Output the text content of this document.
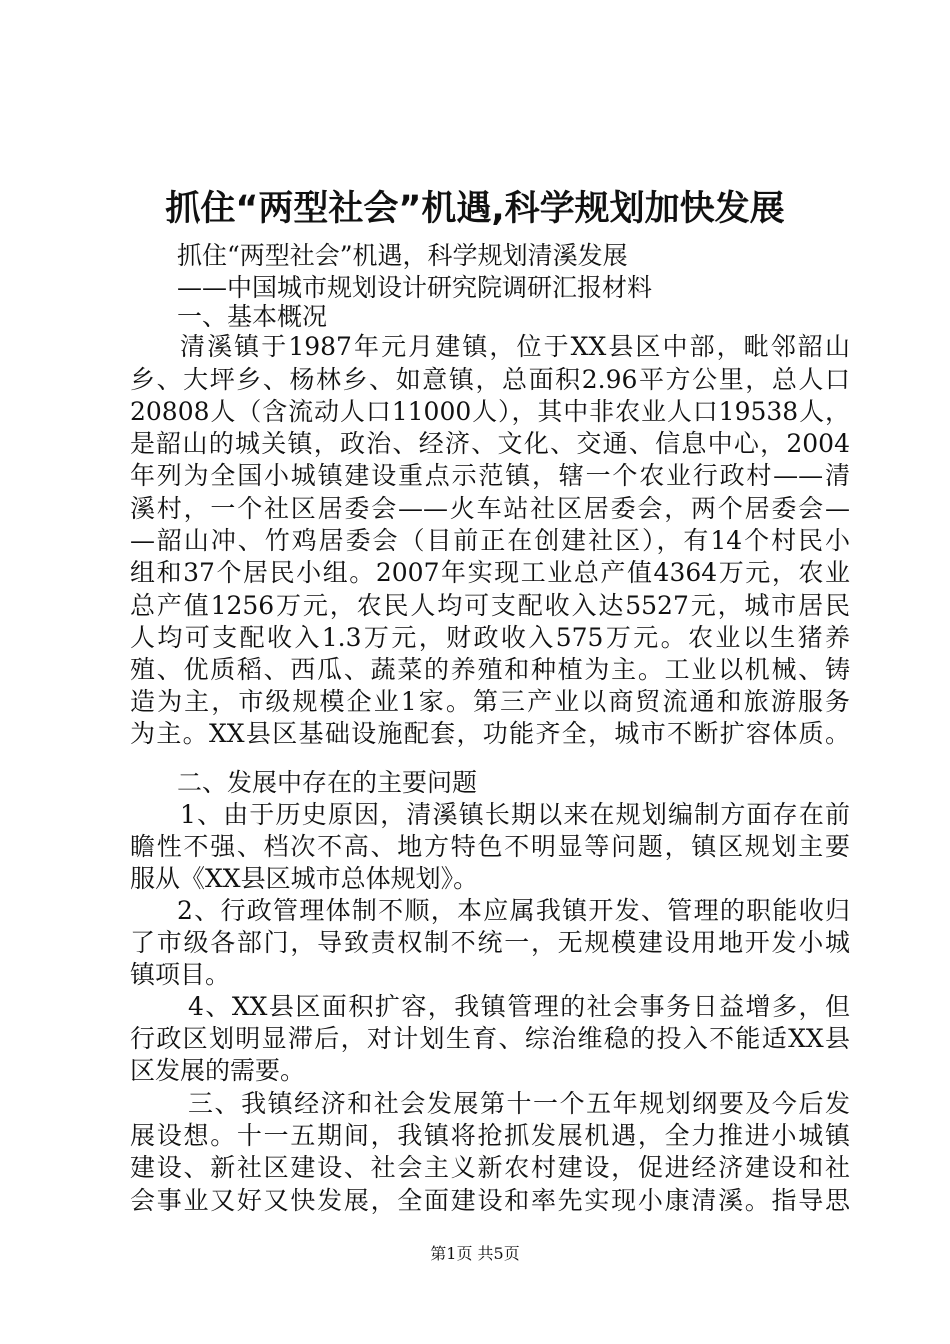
抓住“两型社会”机遇,科学规划加快发展
抓住“两型社会”机遇，科学规划清溪发展
——中国城市规划设计研究院调研汇报材料
一、基本概况
清溪镇于1987年元月建镇，位于XX县区中部，毗邻韶山
乡、大坪乡、杨林乡、如意镇，总面积2.96平方公里，总人口
20808人（含流动人口11000人），其中非农业人口19538人，
是韶山的城关镇，政治、经济、文化、交通、信息中心，2004
年列为全国小城镇建设重点示范镇，辖一个农业行政村——清
溪村，一个社区居委会——火车站社区居委会，两个居委会—
—韶山冲、竹鸡居委会（目前正在创建社区），有14个村民小
组和37个居民小组。2007年实现工业总产值4364万元，农业
总产值1256万元，农民人均可支配收入达5527元，城市居民
人均可支配收入1.3万元，财政收入575万元。农业以生猪养
殖、优质稻、西瓜、蔬菜的养殖和种植为主。工业以机械、铸
造为主，市级规模企业1家。第三产业以商贸流通和旅游服务
为主。XX县区基础设施配套，功能齐全，城市不断扩容体质。
二、发展中存在的主要问题
1、由于历史原因，清溪镇长期以来在规划编制方面存在前
瞻性不强、档次不高、地方特色不明显等问题，镇区规划主要
服从《XX县区城市总体规划》。
2、行政管理体制不顺，本应属我镇开发、管理的职能收归
了市级各部门，导致责权制不统一，无规模建设用地开发小城
镇项目。
4、XX县区面积扩容，我镇管理的社会事务日益增多，但
行政区划明显滞后，对计划生育、综治维稳的投入不能适XX县
区发展的需要。
三、我镇经济和社会发展第十一个五年规划纲要及今后发
展设想。十一五期间，我镇将抢抓发展机遇，全力推进小城镇
建设、新社区建设、社会主义新农村建设，促进经济建设和社
会事业又好又快发展，全面建设和率先实现小康清溪。指导思
第1页 共5页
